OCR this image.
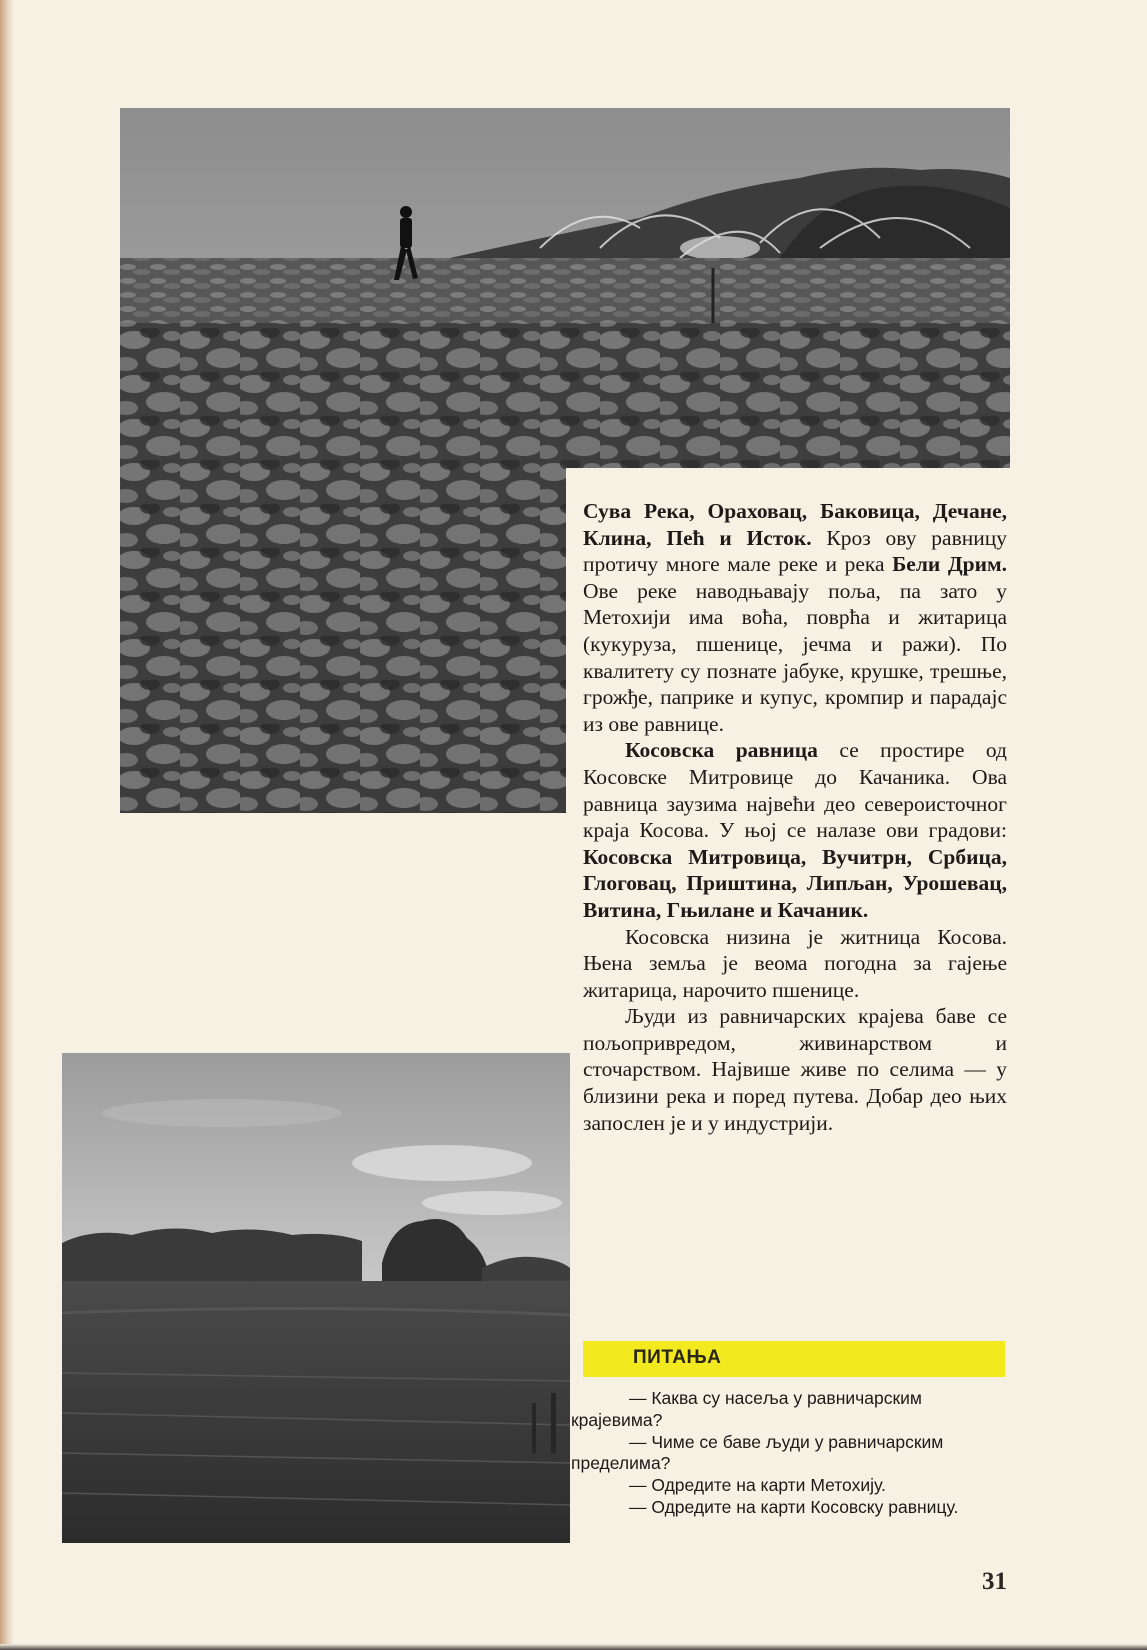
Сува Река, Ораховац, Баковица, Дечане, Клина, Пећ и Исток. Кроз ову равницу протичу многе мале реке и река Бели Дрим. Ове реке наводњавају поља, па зато у Метохији има воћа, поврћа и житарица (кукуруза, пшенице, јечма и ражи). По квалитету су познате јабуке, крушке, трешње, грожђе, паприке и купус, кромпир и парадајс из ове равнице.

Косовска равница се простире од Косовске Митровице до Качаника. Ова равница заузима највећи део североисточног краја Косова. У њој се налазе ови градови: Косовска Митровица, Вучитрн, Србица, Глоговац, Приштина, Липљан, Урошевац, Витина, Гњилане и Качаник.

Косовска низина је житница Косова. Њена земља је веома погодна за гајење житарица, нарочито пшенице.

Људи из равничарских крајева баве се пољопривредом, живинарством и сточарством. Највише живе по селима — у близини река и поред путева. Добар део њих запослен је и у индустрији.

ПИТАЊА

— Каква су насеља у равничарским крајевима?

— Чиме се баве људи у равничарским пределима?

— Одредите на карти Метохију.

— Одредите на карти Косовску равницу.

31
